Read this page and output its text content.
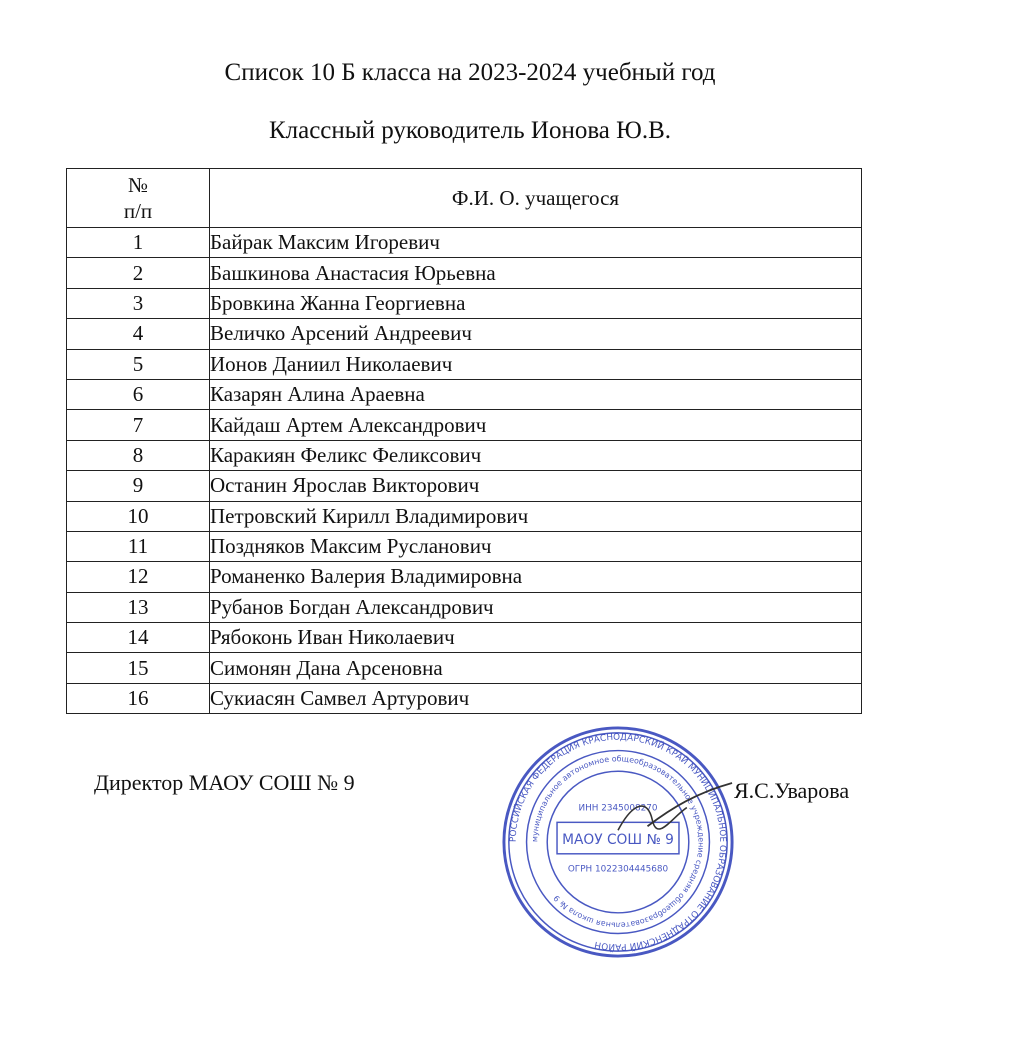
Список 10 Б класса на 2023-2024 учебный год
Классный руководитель Ионова Ю.В.
№
п/п	Ф.И. О. учащегося
1	Байрак Максим Игоревич
2	Башкинова Анастасия Юрьевна
3	Бровкина Жанна Георгиевна
4	Величко Арсений Андреевич
5	Ионов Даниил Николаевич
6	Казарян Алина Араевна
7	Кайдаш Артем Александрович
8	Каракиян Феликс Феликсович
9	Останин Ярослав Викторович
10	Петровский Кирилл Владимирович
11	Поздняков Максим Русланович
12	Романенко Валерия Владимировна
13	Рубанов Богдан Александрович
14	Рябоконь Иван Николаевич
15	Симонян Дана Арсеновна
16	Сукиасян Самвел Артурович
Директор МАОУ СОШ № 9	Я.С.Уварова
РОССИЙСКАЯ ФЕДЕРАЦИЯ КРАСНОДАРСКИЙ КРАЙ МУНИЦИПАЛЬНОЕ ОБРАЗОВАНИЕ ОТРАДНЕНСКИЙ РАЙОН
муниципальное автономное общеобразовательное учреждение средняя общеобразовательная школа № 9
МАОУ СОШ № 9
ИНН 2345008270
ОГРН 1022304445680
